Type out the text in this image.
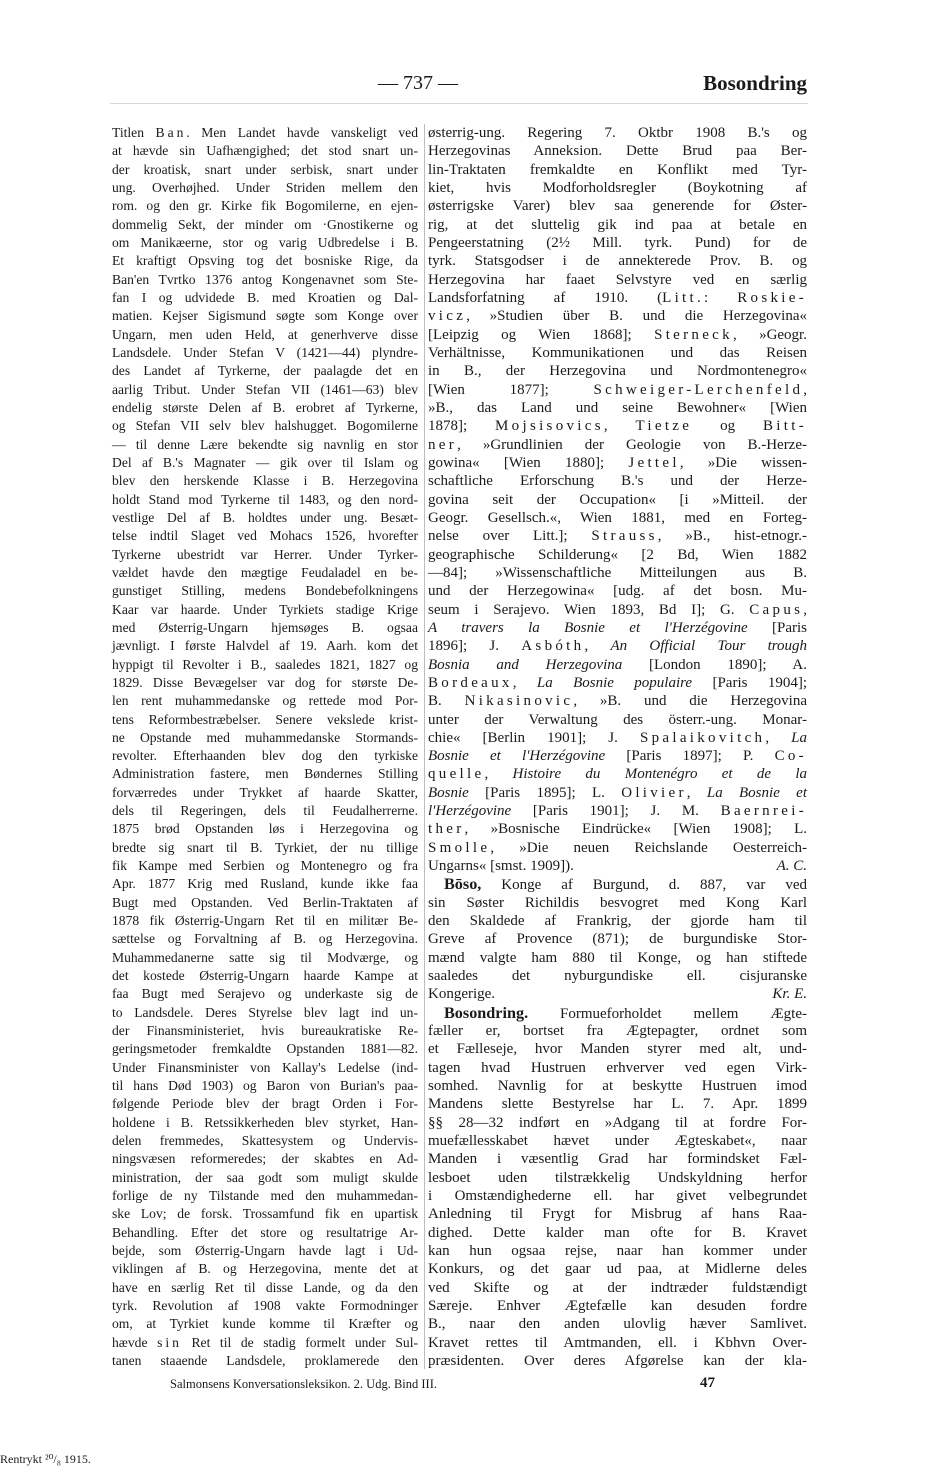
— 737 —	Bosondring
Titlen Ban. Men Landet havde vanskeligt ved
at hævde sin Uafhængighed; det stod snart un-
der kroatisk, snart under serbisk, snart under
ung. Overhøjhed. Under Striden mellem den
rom. og den gr. Kirke fik Bogomilerne, en ejen-
dommelig Sekt, der minder om ·Gnostikerne og
om Manikæerne, stor og varig Udbredelse i B.
Et kraftigt Opsving tog det bosniske Rige, da
Ban'en Tvrtko 1376 antog Kongenavnet som Ste-
fan I og udvidede B. med Kroatien og Dal-
matien. Kejser Sigismund søgte som Konge over
Ungarn, men uden Held, at generhverve disse
Landsdele. Under Stefan V (1421—44) plyndre-
des Landet af Tyrkerne, der paalagde det en
aarlig Tribut. Under Stefan VII (1461—63) blev
endelig største Delen af B. erobret af Tyrkerne,
og Stefan VII selv blev halshugget. Bogomilerne
— til denne Lære bekendte sig navnlig en stor
Del af B.'s Magnater — gik over til Islam og
blev den herskende Klasse i B. Herzegovina
holdt Stand mod Tyrkerne til 1483, og den nord-
vestlige Del af B. holdtes under ung. Besæt-
telse indtil Slaget ved Mohacs 1526, hvorefter
Tyrkerne ubestridt var Herrer. Under Tyrker-
vældet havde den mægtige Feudaladel en be-
gunstiget Stilling, medens Bondebefolkningens
Kaar var haarde. Under Tyrkiets stadige Krige
med Østerrig-Ungarn hjemsøges B. ogsaa
jævnligt. I første Halvdel af 19. Aarh. kom det
hyppigt til Revolter i B., saaledes 1821, 1827 og
1829. Disse Bevægelser var dog for største De-
len rent muhammedanske og rettede mod Por-
tens Reformbestræbelser. Senere vekslede krist-
ne Opstande med muhammedanske Stormands-
revolter. Efterhaanden blev dog den tyrkiske
Administration fastere, men Bøndernes Stilling
forværredes under Trykket af haarde Skatter,
dels til Regeringen, dels til Feudalherrerne.
1875 brød Opstanden løs i Herzegovina og
bredte sig snart til B. Tyrkiet, der nu tillige
fik Kampe med Serbien og Montenegro og fra
Apr. 1877 Krig med Rusland, kunde ikke faa
Bugt med Opstanden. Ved Berlin-Traktaten af
1878 fik Østerrig-Ungarn Ret til en militær Be-
sættelse og Forvaltning af B. og Herzegovina.
Muhammedanerne satte sig til Modværge, og
det kostede Østerrig-Ungarn haarde Kampe at
faa Bugt med Serajevo og underkaste sig de
to Landsdele. Deres Styrelse blev lagt ind un-
der Finansministeriet, hvis bureaukratiske Re-
geringsmetoder fremkaldte Opstanden 1881—82.
Under Finansminister von Kallay's Ledelse (ind-
til hans Død 1903) og Baron von Burian's paa-
følgende Periode blev der bragt Orden i For-
holdene i B. Retssikkerheden blev styrket, Han-
delen fremmedes, Skattesystem og Undervis-
ningsvæsen reformeredes; der skabtes en Ad-
ministration, der saa godt som muligt skulde
forlige de ny Tilstande med den muhammedan-
ske Lov; de forsk. Trossamfund fik en upartisk
Behandling. Efter det store og resultatrige Ar-
bejde, som Østerrig-Ungarn havde lagt i Ud-
viklingen af B. og Herzegovina, mente det at
have en særlig Ret til disse Lande, og da den
tyrk. Revolution af 1908 vakte Formodninger
om, at Tyrkiet kunde komme til Kræfter og
hævde sin Ret til de stadig formelt under Sul-
tanen staaende Landsdele, proklamerede den
østerrig-ung. Regering 7. Oktbr 1908 B.'s og
Herzegovinas Anneksion. Dette Brud paa Ber-
lin-Traktaten fremkaldte en Konflikt med Tyr-
kiet, hvis Modforholdsregler (Boykotning af
østerrigske Varer) blev saa generende for Øster-
rig, at det sluttelig gik ind paa at betale en
Pengeerstatning (2½ Mill. tyrk. Pund) for de
tyrk. Statsgodser i de annekterede Prov. B. og
Herzegovina har faaet Selvstyre ved en særlig
Landsforfatning af 1910. (Litt.: Roskie-
vicz, »Studien über B. und die Herzegovina«
[Leipzig og Wien 1868]; Sterneck, »Geogr.
Verhältnisse, Kommunikationen und das Reisen
in B., der Herzegovina und Nordmontenegro«
[Wien 1877]; Schweiger-Lerchenfeld,
»B., das Land und seine Bewohner« [Wien
1878]; Mojsisovics, Tietze og Bitt-
ner, »Grundlinien der Geologie von B.-Herze-
gowina« [Wien 1880]; Jettel, »Die wissen-
schaftliche Erforschung B.'s und der Herze-
govina seit der Occupation« [i »Mitteil. der
Geogr. Gesellsch.«, Wien 1881, med en Forteg-
nelse over Litt.]; Strauss, »B., hist-etnogr.-
geographische Schilderung« [2 Bd, Wien 1882
—84]; »Wissenschaftliche Mitteilungen aus B.
und der Herzegowina« [udg. af det bosn. Mu-
seum i Serajevo. Wien 1893, Bd I]; G. Capus,
A travers la Bosnie et l'Herzégovine [Paris
1896]; J. Asbóth, An Official Tour trough
Bosnia and Herzegovina [London 1890]; A.
Bordeaux, La Bosnie populaire [Paris 1904];
B. Nikasinovic, »B. und die Herzegovina
unter der Verwaltung des österr.-ung. Monar-
chie« [Berlin 1901]; J. Spalaikovitch, La
Bosnie et l'Herzégovine [Paris 1897]; P. Co-
quelle, Histoire du Montenégro et de la
Bosnie [Paris 1895]; L. Olivier, La Bosnie et
l'Herzégovine [Paris 1901]; J. M. Baernrei-
ther, »Bosnische Eindrücke« [Wien 1908]; L.
Smolle, »Die neuen Reichslande Oesterreich-
Ungarns« [smst. 1909]).	A. C.
Bōso, Konge af Burgund, d. 887, var ved
sin Søster Richildis besvogret med Kong Karl
den Skaldede af Frankrig, der gjorde ham til
Greve af Provence (871); de burgundiske Stor-
mænd valgte ham 880 til Konge, og han stiftede
saaledes det nyburgundiske ell. cisjuranske
Kongerige.	Kr. E.
Bosondring. Formueforholdet mellem Ægte-
fæller er, bortset fra Ægtepagter, ordnet som
et Fælleseje, hvor Manden styrer med alt, und-
tagen hvad Hustruen erhverver ved egen Virk-
somhed. Navnlig for at beskytte Hustruen imod
Mandens slette Bestyrelse har L. 7. Apr. 1899
§§ 28—32 indført en »Adgang til at fordre For-
muefællesskabet hævet under Ægteskabet«, naar
Manden i væsentlig Grad har formindsket Fæl-
lesboet uden tilstrækkelig Undskyldning herfor
i Omstændighederne ell. har givet velbegrundet
Anledning til Frygt for Misbrug af hans Raa-
dighed. Dette kalder man ofte for B. Kravet
kan hun ogsaa rejse, naar han kommer under
Konkurs, og det gaar ud paa, at Midlerne deles
ved Skifte og at der indtræder fuldstændigt
Særeje. Enhver Ægtefælle kan desuden fordre
B., naar den anden ulovlig hæver Samlivet.
Kravet rettes til Amtmanden, ell. i Kbhvn Over-
præsidenten. Over deres Afgørelse kan der kla-
Salmonsens Konversationsleksikon. 2. Udg. Bind III.	47
Rentrykt ²⁰/₈ 1915.
